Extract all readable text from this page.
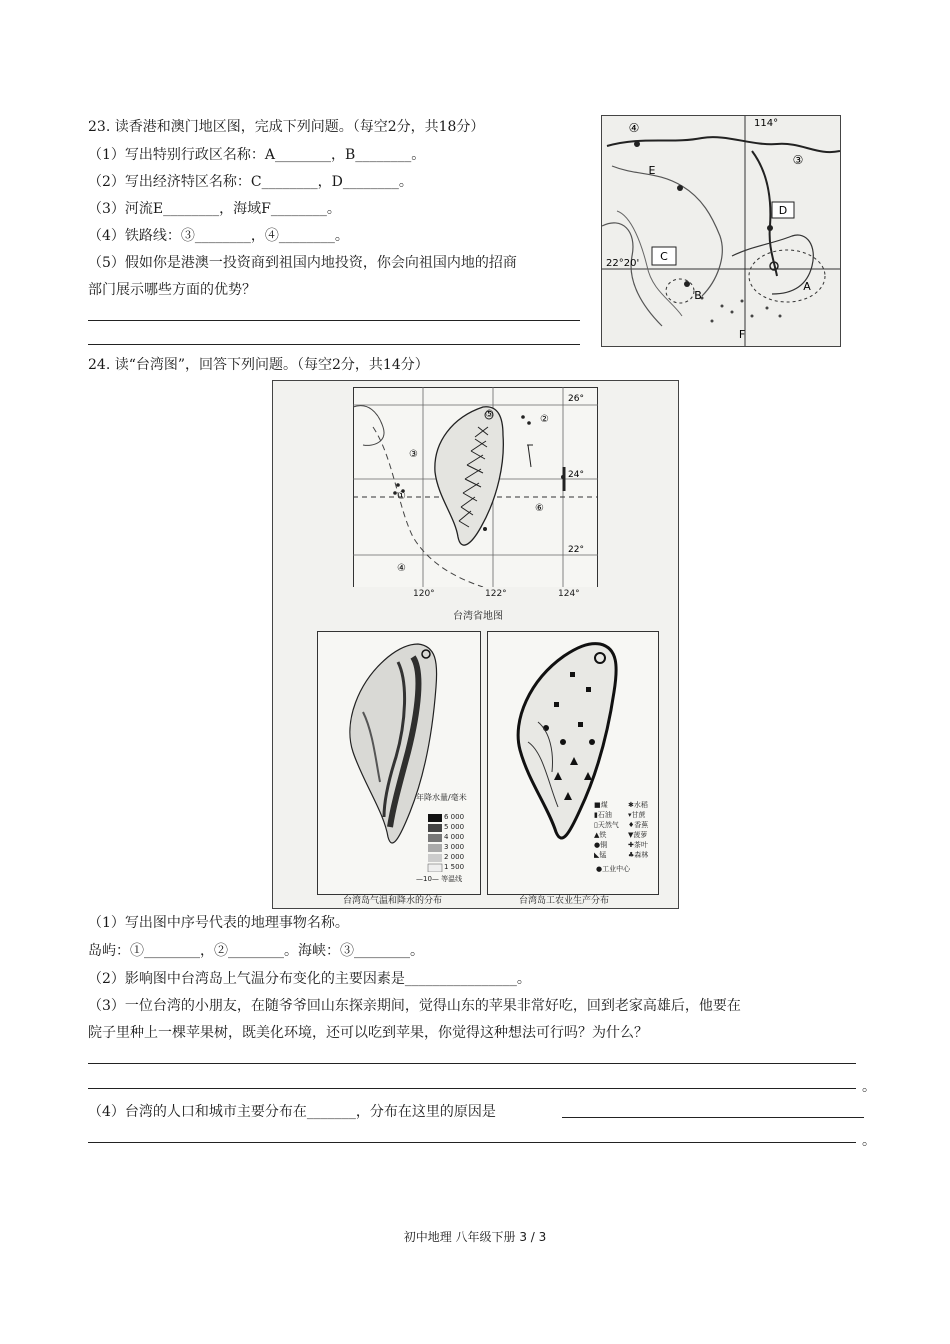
23. 读香港和澳门地区图，完成下列问题。（每空2分，共18分）
（1）写出特别行政区名称：A________，B________。
（2）写出经济特区名称：C________，D________。
（3）河流E________，海域F________。
（4）铁路线：③________，④________。
（5）假如你是港澳一投资商到祖国内地投资，你会向祖国内地的招商
部门展示哪些方面的优势？
④
③
E
D
C
B
A
F
114°
22°20'
24. 读“台湾图”，回答下列问题。（每空2分，共14分）
⑤	②
③
①
⑥
④
26°
24°
22°
120°	122°	124°
台湾省地图
年降水量/毫米
6 000
5 000
4 000
3 000
2 000
1 500
—10— 等温线
台湾岛气温和降水的分布
■煤
▮石油
▯天然气
▲铁
●铜
◣锰
✱水稻
▾甘蔗
♦香蕉
▼菠萝
✚茶叶
♣森林
●工业中心
台湾岛工农业生产分布
（1）写出图中序号代表的地理事物名称。
岛屿：①________，②________。海峡：③________。
（2）影响图中台湾岛上气温分布变化的主要因素是________________。
（3）一位台湾的小朋友，在随爷爷回山东探亲期间，觉得山东的苹果非常好吃，回到老家高雄后，他要在
院子里种上一棵苹果树，既美化环境，还可以吃到苹果，你觉得这种想法可行吗？为什么？
。
（4）台湾的人口和城市主要分布在_______，分布在这里的原因是
。
初中地理 八年级下册 3 / 3
